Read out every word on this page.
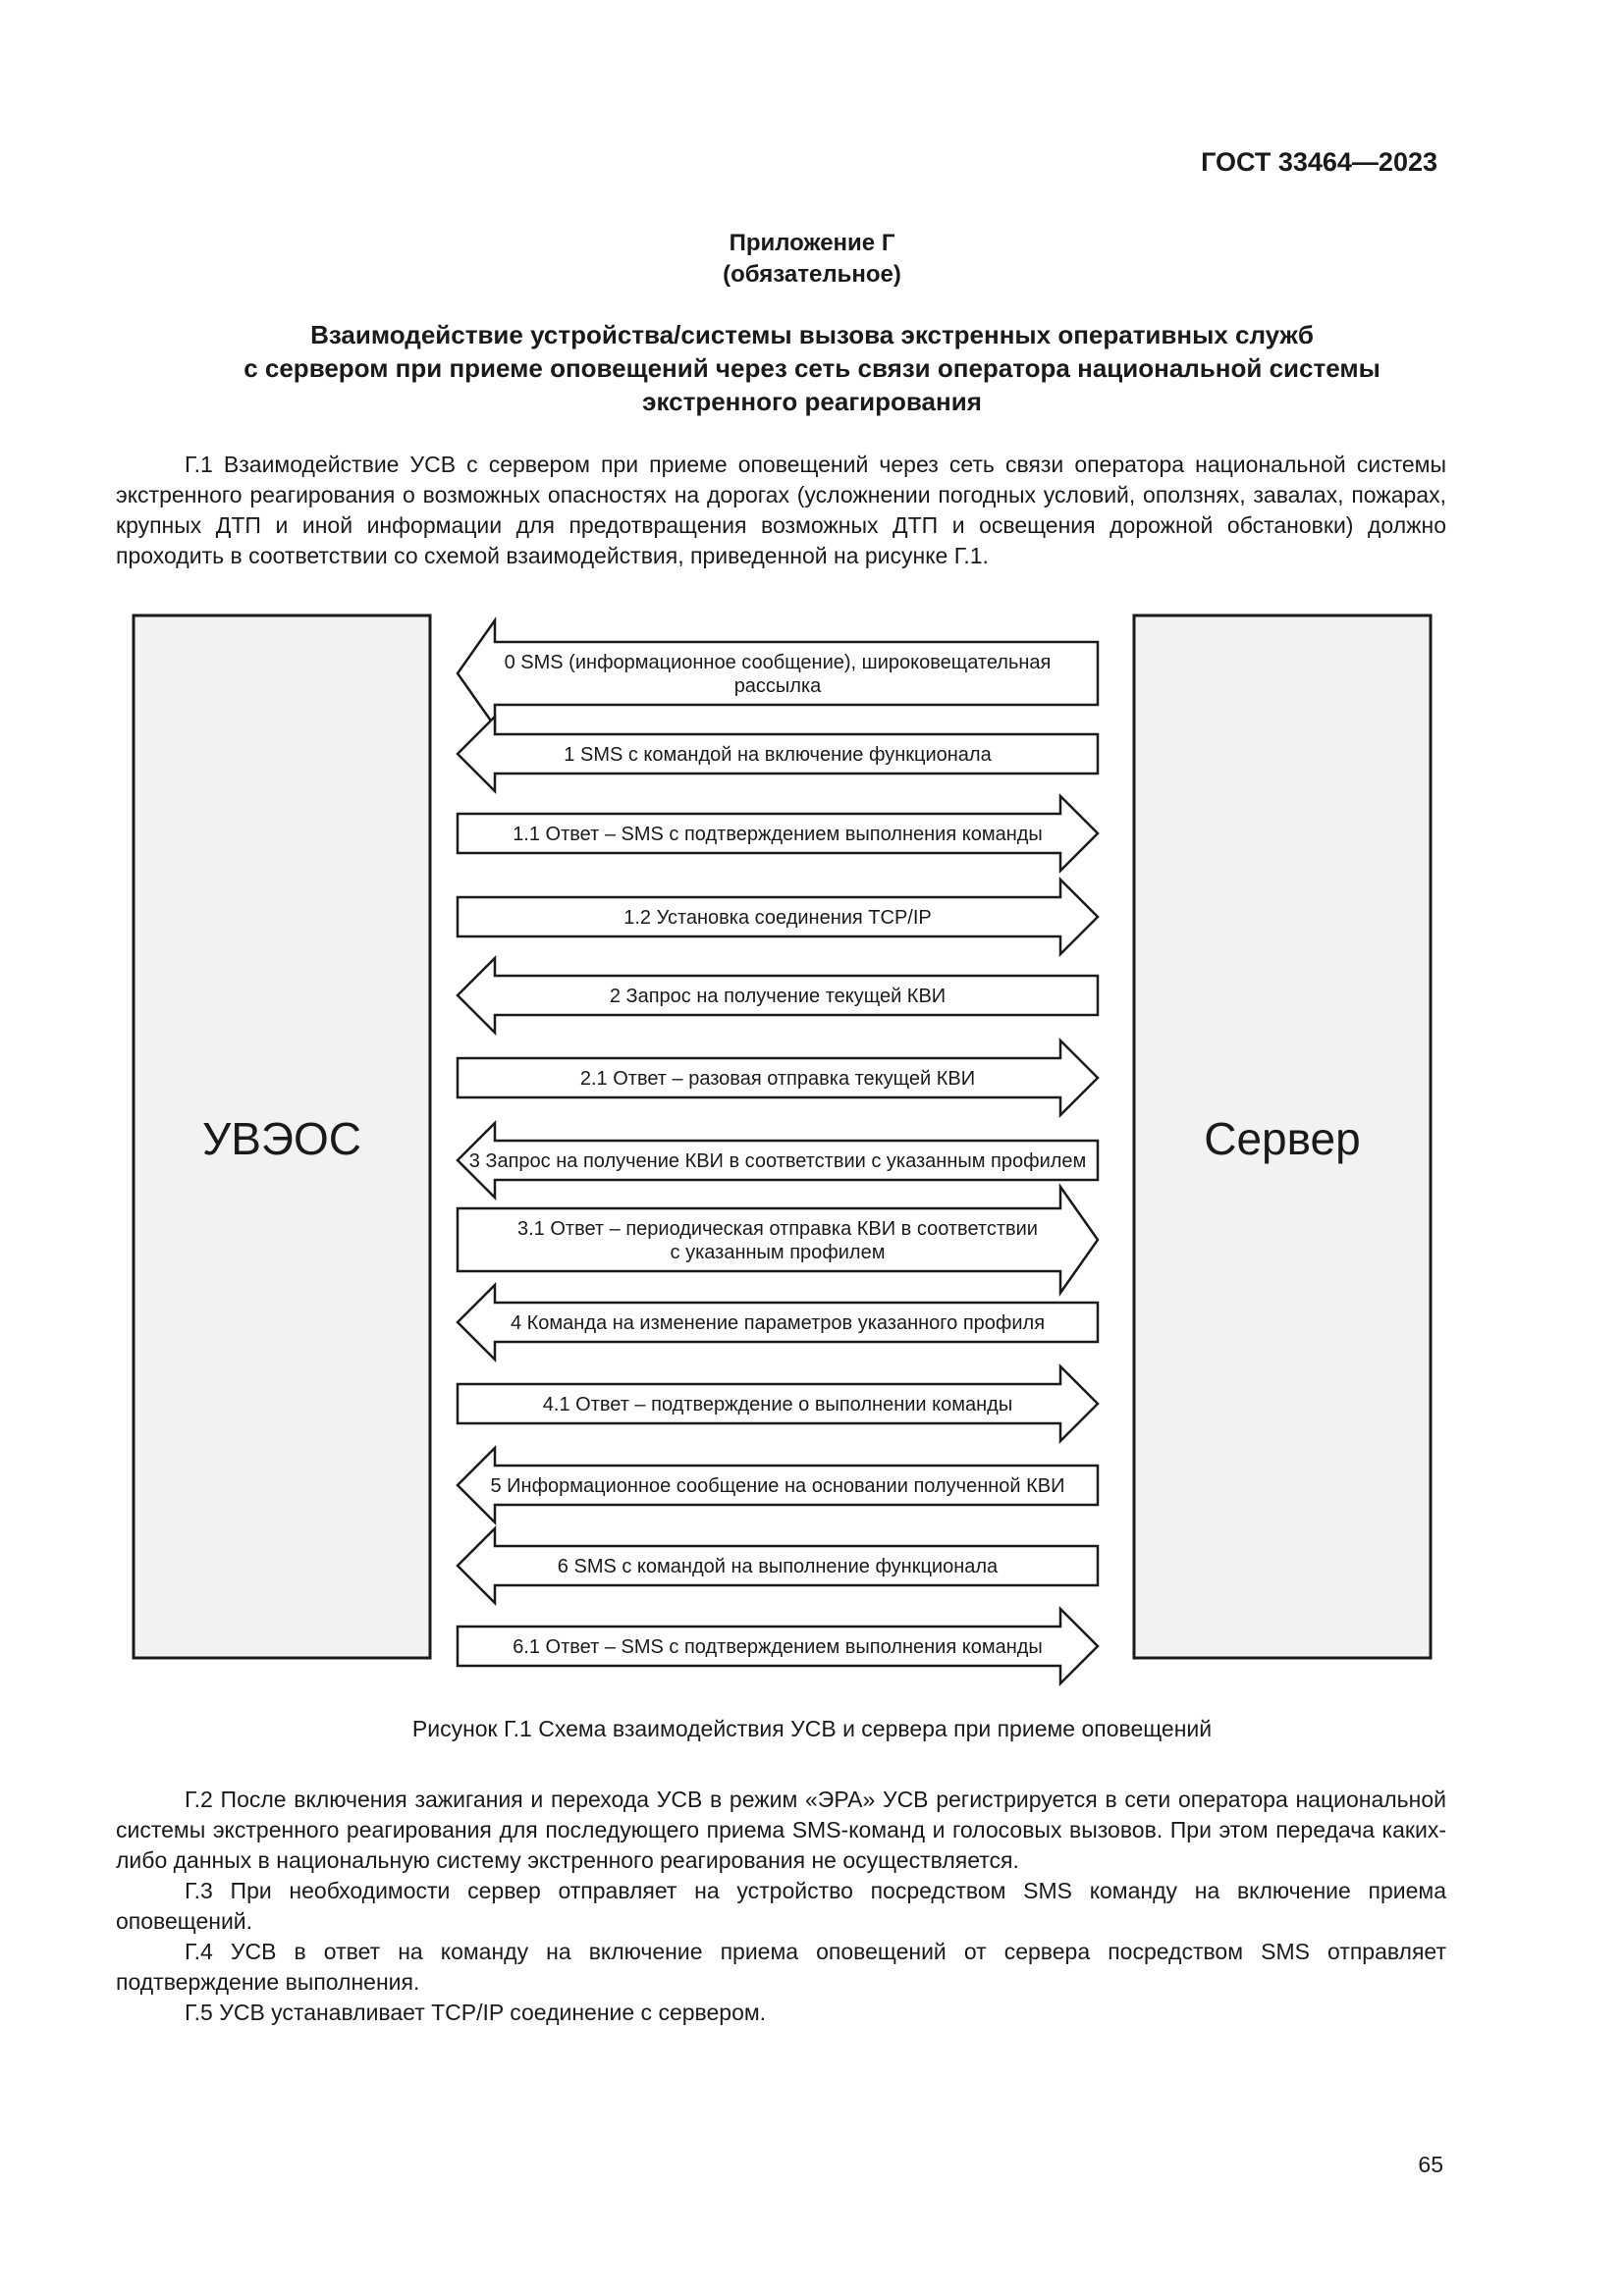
ГОСТ 33464—2023
Приложение Г
(обязательное)
Взаимодействие устройства/системы вызова экстренных оперативных служб
с сервером при приеме оповещений через сеть связи оператора национальной системы
экстренного реагирования

Г.1 Взаимодействие УСВ с сервером при приеме оповещений через сеть связи оператора национальной системы экстренного реагирования о возможных опасностях на дорогах (усложнении погодных условий, оползнях, завалах, пожарах, крупных ДТП и иной информации для предотвращения возможных ДТП и освещения дорожной обстановки) должно проходить в соответствии со схемой взаимодействия, приведенной на рисунке Г.1.

УВЭОС	Сервер
0 SMS (информационное сообщение), широковещательная
рассылка
1 SMS с командой на включение функционала
1.1 Ответ – SMS с подтверждением выполнения команды
1.2 Установка соединения TCP/IP
2 Запрос на получение текущей КВИ
2.1 Ответ – разовая отправка текущей КВИ
3 Запрос на получение КВИ в соответствии с указанным профилем
3.1 Ответ – периодическая отправка КВИ в соответствии
с указанным профилем
4 Команда на изменение параметров указанного профиля
4.1 Ответ – подтверждение о выполнении команды
5 Информационное сообщение на основании полученной КВИ
6 SMS с командой на выполнение функционала
6.1 Ответ – SMS с подтверждением выполнения команды
Рисунок Г.1 Схема взаимодействия УСВ и сервера при приеме оповещений

Г.2 После включения зажигания и перехода УСВ в режим «ЭРА» УСВ регистрируется в сети оператора национальной системы экстренного реагирования для последующего приема SMS-команд и голосовых вызовов. При этом передача каких-либо данных в национальную систему экстренного реагирования не осуществляется.

Г.3 При необходимости сервер отправляет на устройство посредством SMS команду на включение приема оповещений.

Г.4 УСВ в ответ на команду на включение приема оповещений от сервера посредством SMS отправляет подтверждение выполнения.

Г.5 УСВ устанавливает TCP/IP соединение с сервером.

65
